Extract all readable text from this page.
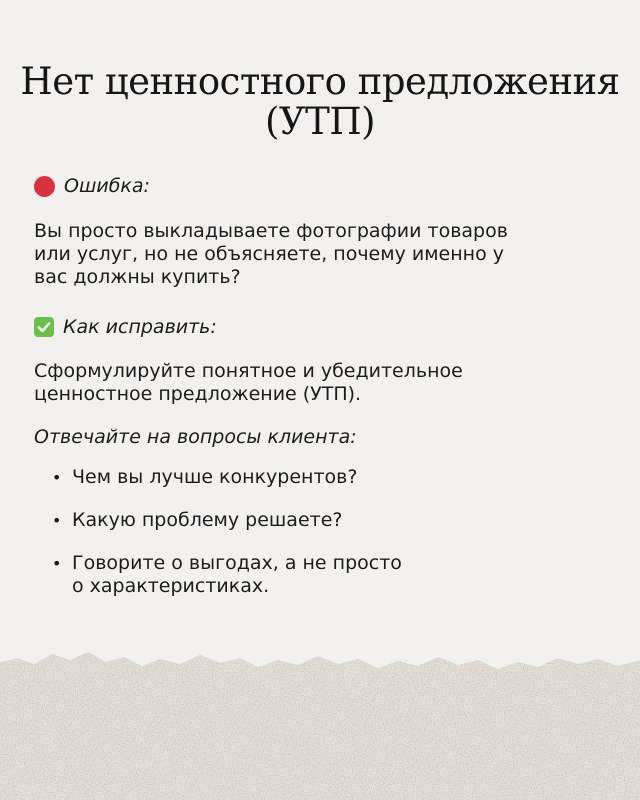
Нет ценностного предложения
(УТП)
Ошибка:
Вы просто выкладываете фотографии товаров
или услуг, но не объясняете, почему именно у
вас должны купить?
Как исправить:
Сформулируйте понятное и убедительное
ценностное предложение (УТП).
Отвечайте на вопросы клиента:
• Чем вы лучше конкурентов?
• Какую проблему решаете?
• Говорите о выгодах, а не просто
о характеристиках.
